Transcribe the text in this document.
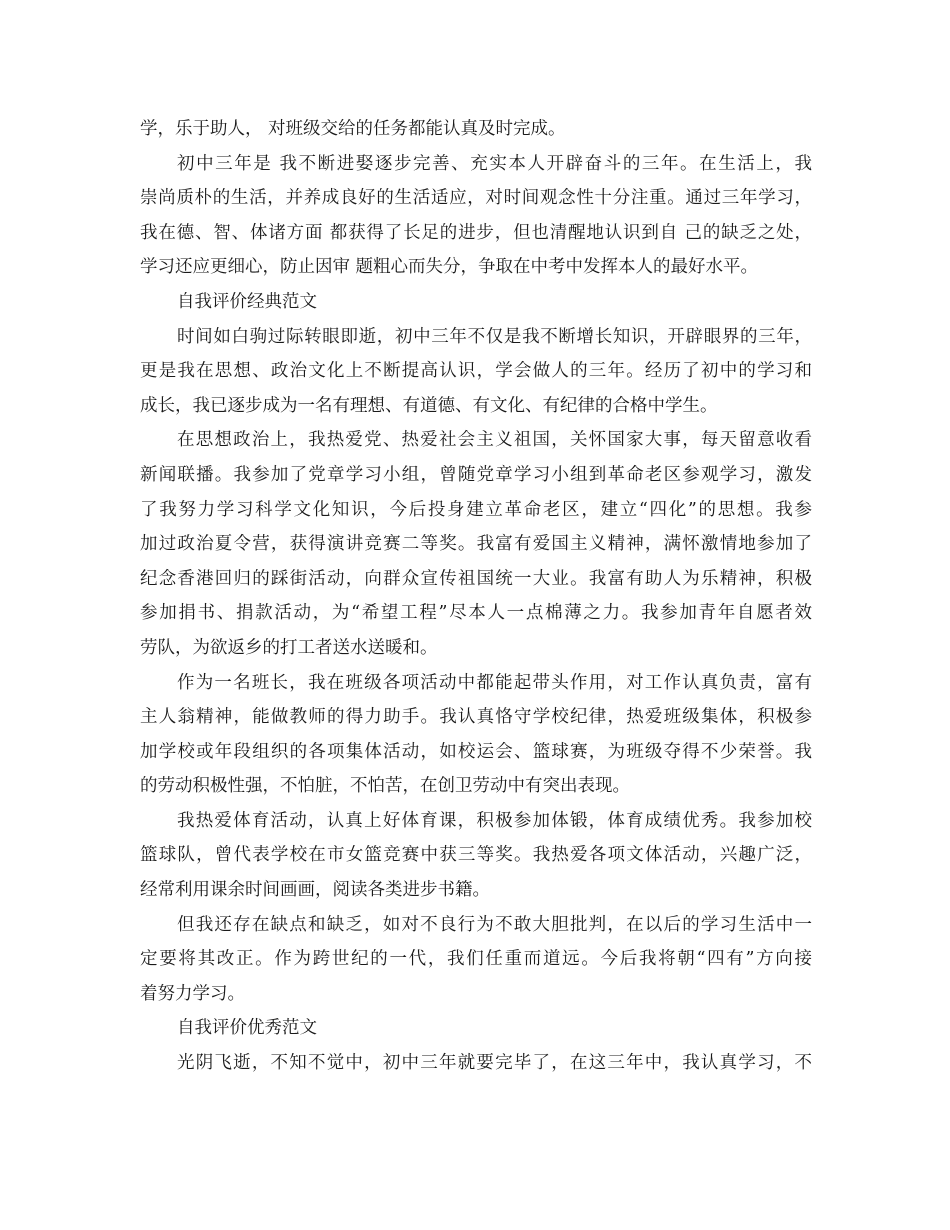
学，乐于助人， 对班级交给的任务都能认真及时完成。
初中三年是 我不断进娶逐步完善、充实本人开辟奋斗的三年。在生活上，我
崇尚质朴的生活，并养成良好的生活适应，对时间观念性十分注重。通过三年学习，
我在德、智、体诸方面 都获得了长足的进步，但也清醒地认识到自 己的缺乏之处，
学习还应更细心，防止因审 题粗心而失分，争取在中考中发挥本人的最好水平。
自我评价经典范文
时间如白驹过际转眼即逝，初中三年不仅是我不断增长知识，开辟眼界的三年，
更是我在思想、政治文化上不断提高认识，学会做人的三年。经历了初中的学习和
成长，我已逐步成为一名有理想、有道德、有文化、有纪律的合格中学生。
在思想政治上，我热爱党、热爱社会主义祖国，关怀国家大事，每天留意收看
新闻联播。我参加了党章学习小组，曾随党章学习小组到革命老区参观学习，激发
了我努力学习科学文化知识，今后投身建立革命老区，建立“四化”的思想。我参
加过政治夏令营，获得演讲竞赛二等奖。我富有爱国主义精神，满怀激情地参加了
纪念香港回归的踩街活动，向群众宣传祖国统一大业。我富有助人为乐精神，积极
参加捐书、捐款活动，为“希望工程”尽本人一点棉薄之力。我参加青年自愿者效
劳队，为欲返乡的打工者送水送暖和。
作为一名班长，我在班级各项活动中都能起带头作用，对工作认真负责，富有
主人翁精神，能做教师的得力助手。我认真恪守学校纪律，热爱班级集体，积极参
加学校或年段组织的各项集体活动，如校运会、篮球赛，为班级夺得不少荣誉。我
的劳动积极性强，不怕脏，不怕苦，在创卫劳动中有突出表现。
我热爱体育活动，认真上好体育课，积极参加体锻，体育成绩优秀。我参加校
篮球队，曾代表学校在市女篮竞赛中获三等奖。我热爱各项文体活动，兴趣广泛，
经常利用课余时间画画，阅读各类进步书籍。
但我还存在缺点和缺乏，如对不良行为不敢大胆批判，在以后的学习生活中一
定要将其改正。作为跨世纪的一代，我们任重而道远。今后我将朝“四有”方向接
着努力学习。
自我评价优秀范文
光阴飞逝，不知不觉中，初中三年就要完毕了，在这三年中，我认真学习，不
